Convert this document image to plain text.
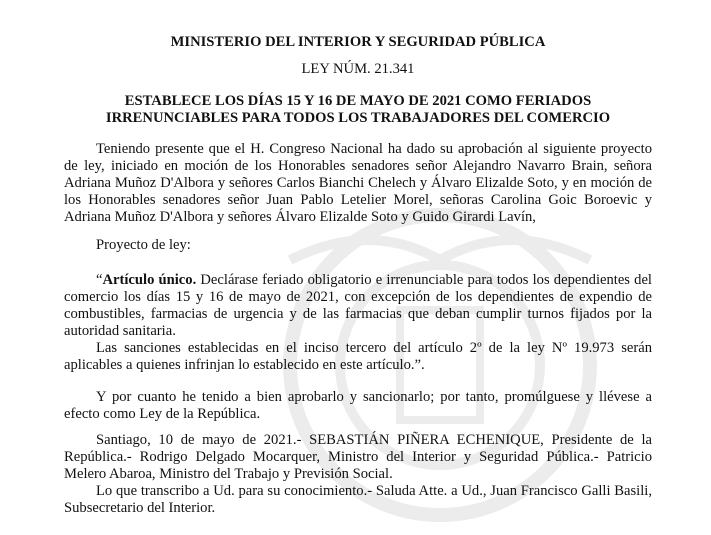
MINISTERIO DEL INTERIOR Y SEGURIDAD PÚBLICA
LEY NÚM. 21.341
ESTABLECE LOS DÍAS 15 Y 16 DE MAYO DE 2021 COMO FERIADOS
IRRENUNCIABLES PARA TODOS LOS TRABAJADORES DEL COMERCIO

Teniendo presente que el H. Congreso Nacional ha dado su aprobación al siguiente proyecto de ley, iniciado en moción de los Honorables senadores señor Alejandro Navarro Brain, señora Adriana Muñoz D'Albora y señores Carlos Bianchi Chelech y Álvaro Elizalde Soto, y en moción de los Honorables senadores señor Juan Pablo Letelier Morel, señoras Carolina Goic Boroevic y Adriana Muñoz D'Albora y señores Álvaro Elizalde Soto y Guido Girardi Lavín,

Proyecto de ley:

“Artículo único. Declárase feriado obligatorio e irrenunciable para todos los dependientes del comercio los días 15 y 16 de mayo de 2021, con excepción de los dependientes de expendio de combustibles, farmacias de urgencia y de las farmacias que deban cumplir turnos fijados por la autoridad sanitaria.

Las sanciones establecidas en el inciso tercero del artículo 2º de la ley Nº 19.973 serán aplicables a quienes infrinjan lo establecido en este artículo.”.

Y por cuanto he tenido a bien aprobarlo y sancionarlo; por tanto, promúlguese y llévese a efecto como Ley de la República.

Santiago, 10 de mayo de 2021.- SEBASTIÁN PIÑERA ECHENIQUE, Presidente de la República.- Rodrigo Delgado Mocarquer, Ministro del Interior y Seguridad Pública.- Patricio Melero Abaroa, Ministro del Trabajo y Previsión Social.

Lo que transcribo a Ud. para su conocimiento.- Saluda Atte. a Ud., Juan Francisco Galli Basili, Subsecretario del Interior.
